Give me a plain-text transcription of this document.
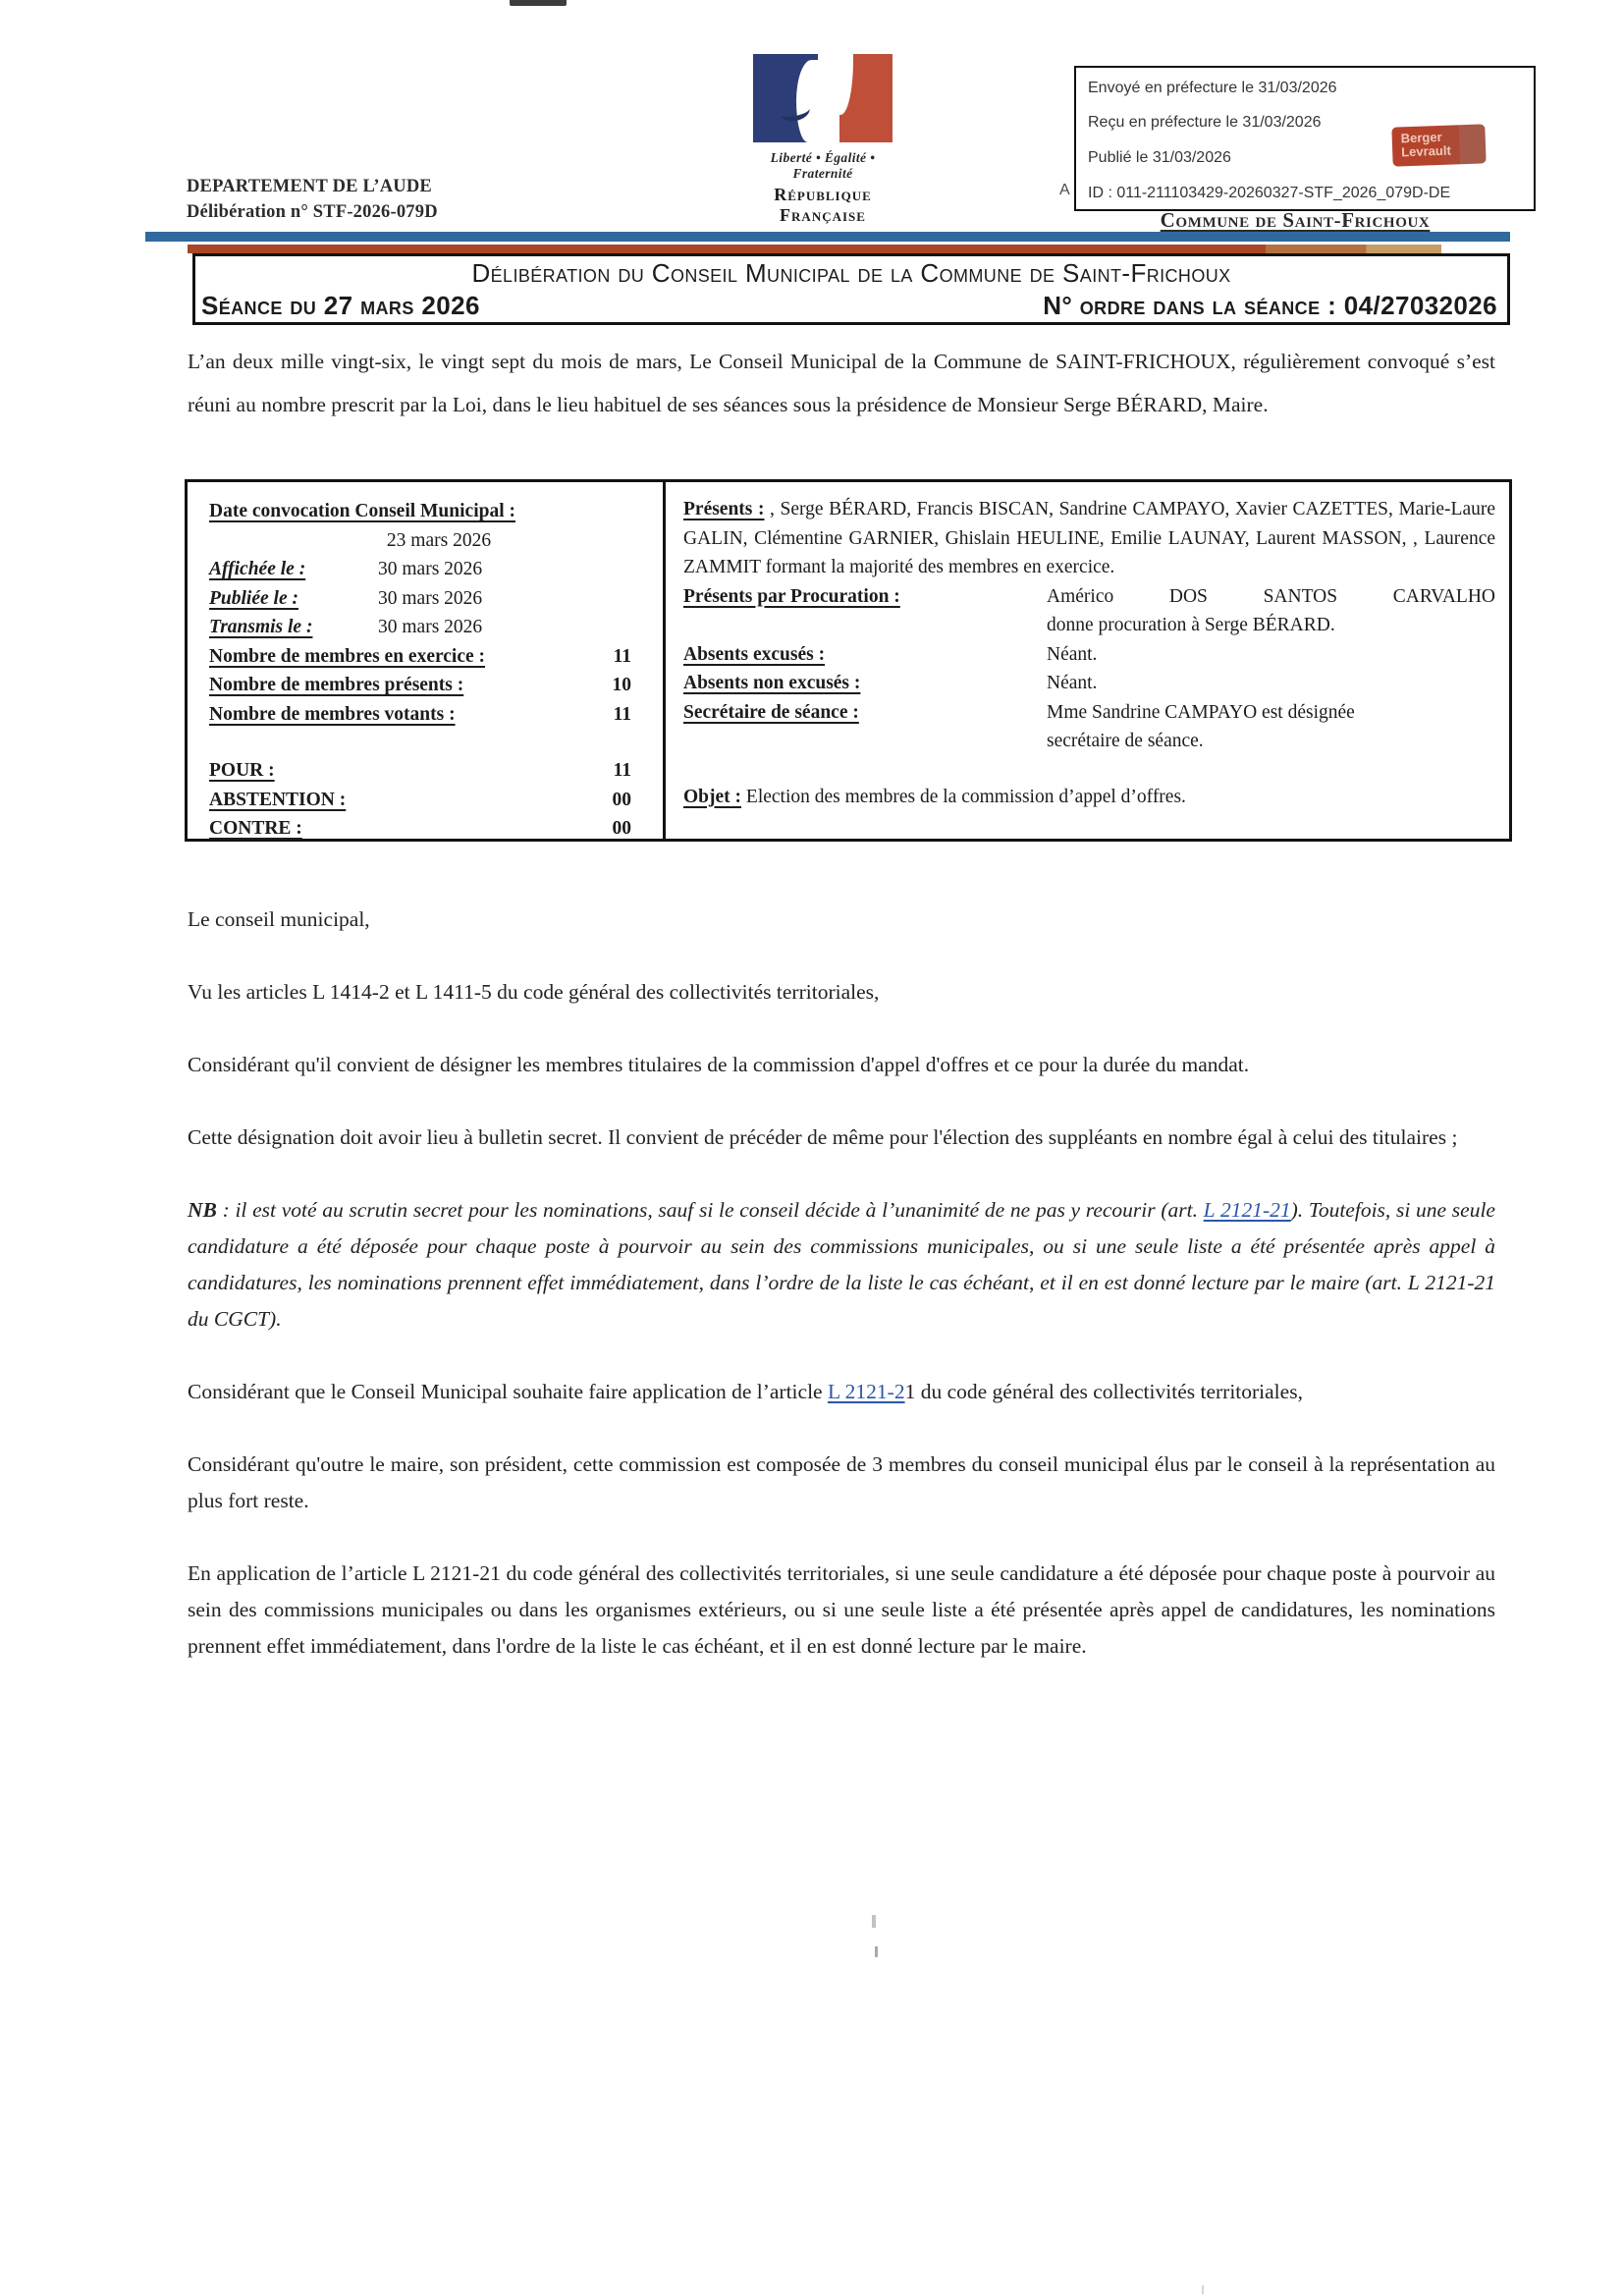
DEPARTEMENT DE L’AUDE
Délibération n° STF-2026-079D
Liberté • Égalité • Fraternité
République Française
Envoyé en préfecture le 31/03/2026
Reçu en préfecture le 31/03/2026
Publié le 31/03/2026
ID : 011-211103429-20260327-STF_2026_079D-DE
Berger
Levrault
A
Commune de Saint-Frichoux
Délibération du Conseil Municipal de la Commune de Saint-Frichoux
Séance du 27 mars 2026	N° ordre dans la séance : 04/27032026
L’an deux mille vingt-six, le vingt sept du mois de mars, Le Conseil Municipal de la Commune de SAINT-FRICHOUX, régulièrement convoqué s’est réuni au nombre prescrit par la Loi, dans le lieu habituel de ses séances sous la présidence de Monsieur Serge BÉRARD, Maire.
Date convocation Conseil Municipal :
23 mars 2026
Affichée le :	30 mars 2026
Publiée le :	30 mars 2026
Transmis le :	30 mars 2026
Nombre de membres en exercice :	11
Nombre de membres présents :	10
Nombre de membres votants :	11
POUR :	11
ABSTENTION :	00
CONTRE :	00
Présents : , Serge BÉRARD, Francis BISCAN, Sandrine CAMPAYO, Xavier CAZETTES, Marie-Laure GALIN, Clémentine GARNIER, Ghislain HEULINE, Emilie LAUNAY, Laurent MASSON, , Laurence ZAMMIT formant la majorité des membres en exercice.
Présents par Procuration :	Américo DOS SANTOS CARVALHO
donne procuration à Serge BÉRARD.
Absents excusés :	Néant.
Absents non excusés :	Néant.
Secrétaire de séance :	Mme Sandrine CAMPAYO est désignée
secrétaire de séance.
Objet : Election des membres de la commission d’appel d’offres.

Le conseil municipal,

Vu les articles L 1414-2 et L 1411-5 du code général des collectivités territoriales,

Considérant qu'il convient de désigner les membres titulaires de la commission d'appel d'offres et ce pour la durée du mandat.

Cette désignation doit avoir lieu à bulletin secret. Il convient de précéder de même pour l'élection des suppléants en nombre égal à celui des titulaires ;

NB : il est voté au scrutin secret pour les nominations, sauf si le conseil décide à l’unanimité de ne pas y recourir (art. L 2121-21). Toutefois, si une seule candidature a été déposée pour chaque poste à pourvoir au sein des commissions municipales, ou si une seule liste a été présentée après appel à candidatures, les nominations prennent effet immédiatement, dans l’ordre de la liste le cas échéant, et il en est donné lecture par le maire (art. L 2121-21 du CGCT).

Considérant que le Conseil Municipal souhaite faire application de l’article L 2121-21 du code général des collectivités territoriales,

Considérant qu'outre le maire, son président, cette commission est composée de 3 membres du conseil municipal élus par le conseil à la représentation au plus fort reste.

En application de l’article L 2121-21 du code général des collectivités territoriales, si une seule candidature a été déposée pour chaque poste à pourvoir au sein des commissions municipales ou dans les organismes extérieurs, ou si une seule liste a été présentée après appel de candidatures, les nominations prennent effet immédiatement, dans l'ordre de la liste le cas échéant, et il en est donné lecture par le maire.
